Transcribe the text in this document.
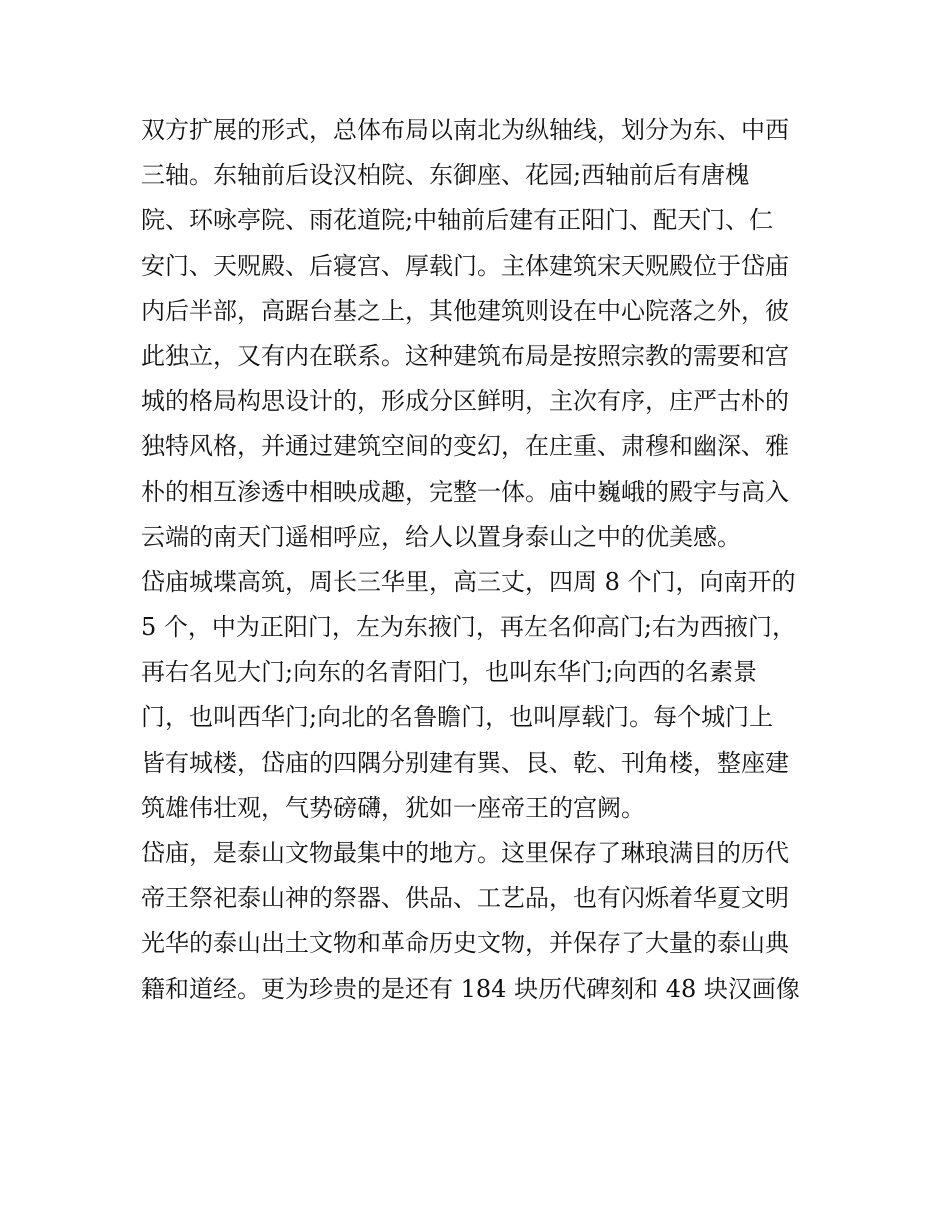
双方扩展的形式，总体布局以南北为纵轴线，划分为东、中西
三轴。东轴前后设汉柏院、东御座、花园;西轴前后有唐槐
院、环咏亭院、雨花道院;中轴前后建有正阳门、配天门、仁
安门、天贶殿、后寝宫、厚载门。主体建筑宋天贶殿位于岱庙
内后半部，高踞台基之上，其他建筑则设在中心院落之外，彼
此独立，又有内在联系。这种建筑布局是按照宗教的需要和宫
城的格局构思设计的，形成分区鲜明，主次有序，庄严古朴的
独特风格，并通过建筑空间的变幻，在庄重、肃穆和幽深、雅
朴的相互渗透中相映成趣，完整一体。庙中巍峨的殿宇与高入
云端的南天门遥相呼应，给人以置身泰山之中的优美感。
岱庙城堞高筑，周长三华里，高三丈，四周 8 个门，向南开的
5 个，中为正阳门，左为东掖门，再左名仰高门;右为西掖门，
再右名见大门;向东的名青阳门，也叫东华门;向西的名素景
门，也叫西华门;向北的名鲁瞻门，也叫厚载门。每个城门上
皆有城楼，岱庙的四隅分别建有巽、艮、乾、刊角楼，整座建
筑雄伟壮观，气势磅礴，犹如一座帝王的宫阙。
岱庙，是泰山文物最集中的地方。这里保存了琳琅满目的历代
帝王祭祀泰山神的祭器、供品、工艺品，也有闪烁着华夏文明
光华的泰山出土文物和革命历史文物，并保存了大量的泰山典
籍和道经。更为珍贵的是还有 184 块历代碑刻和 48 块汉画像
